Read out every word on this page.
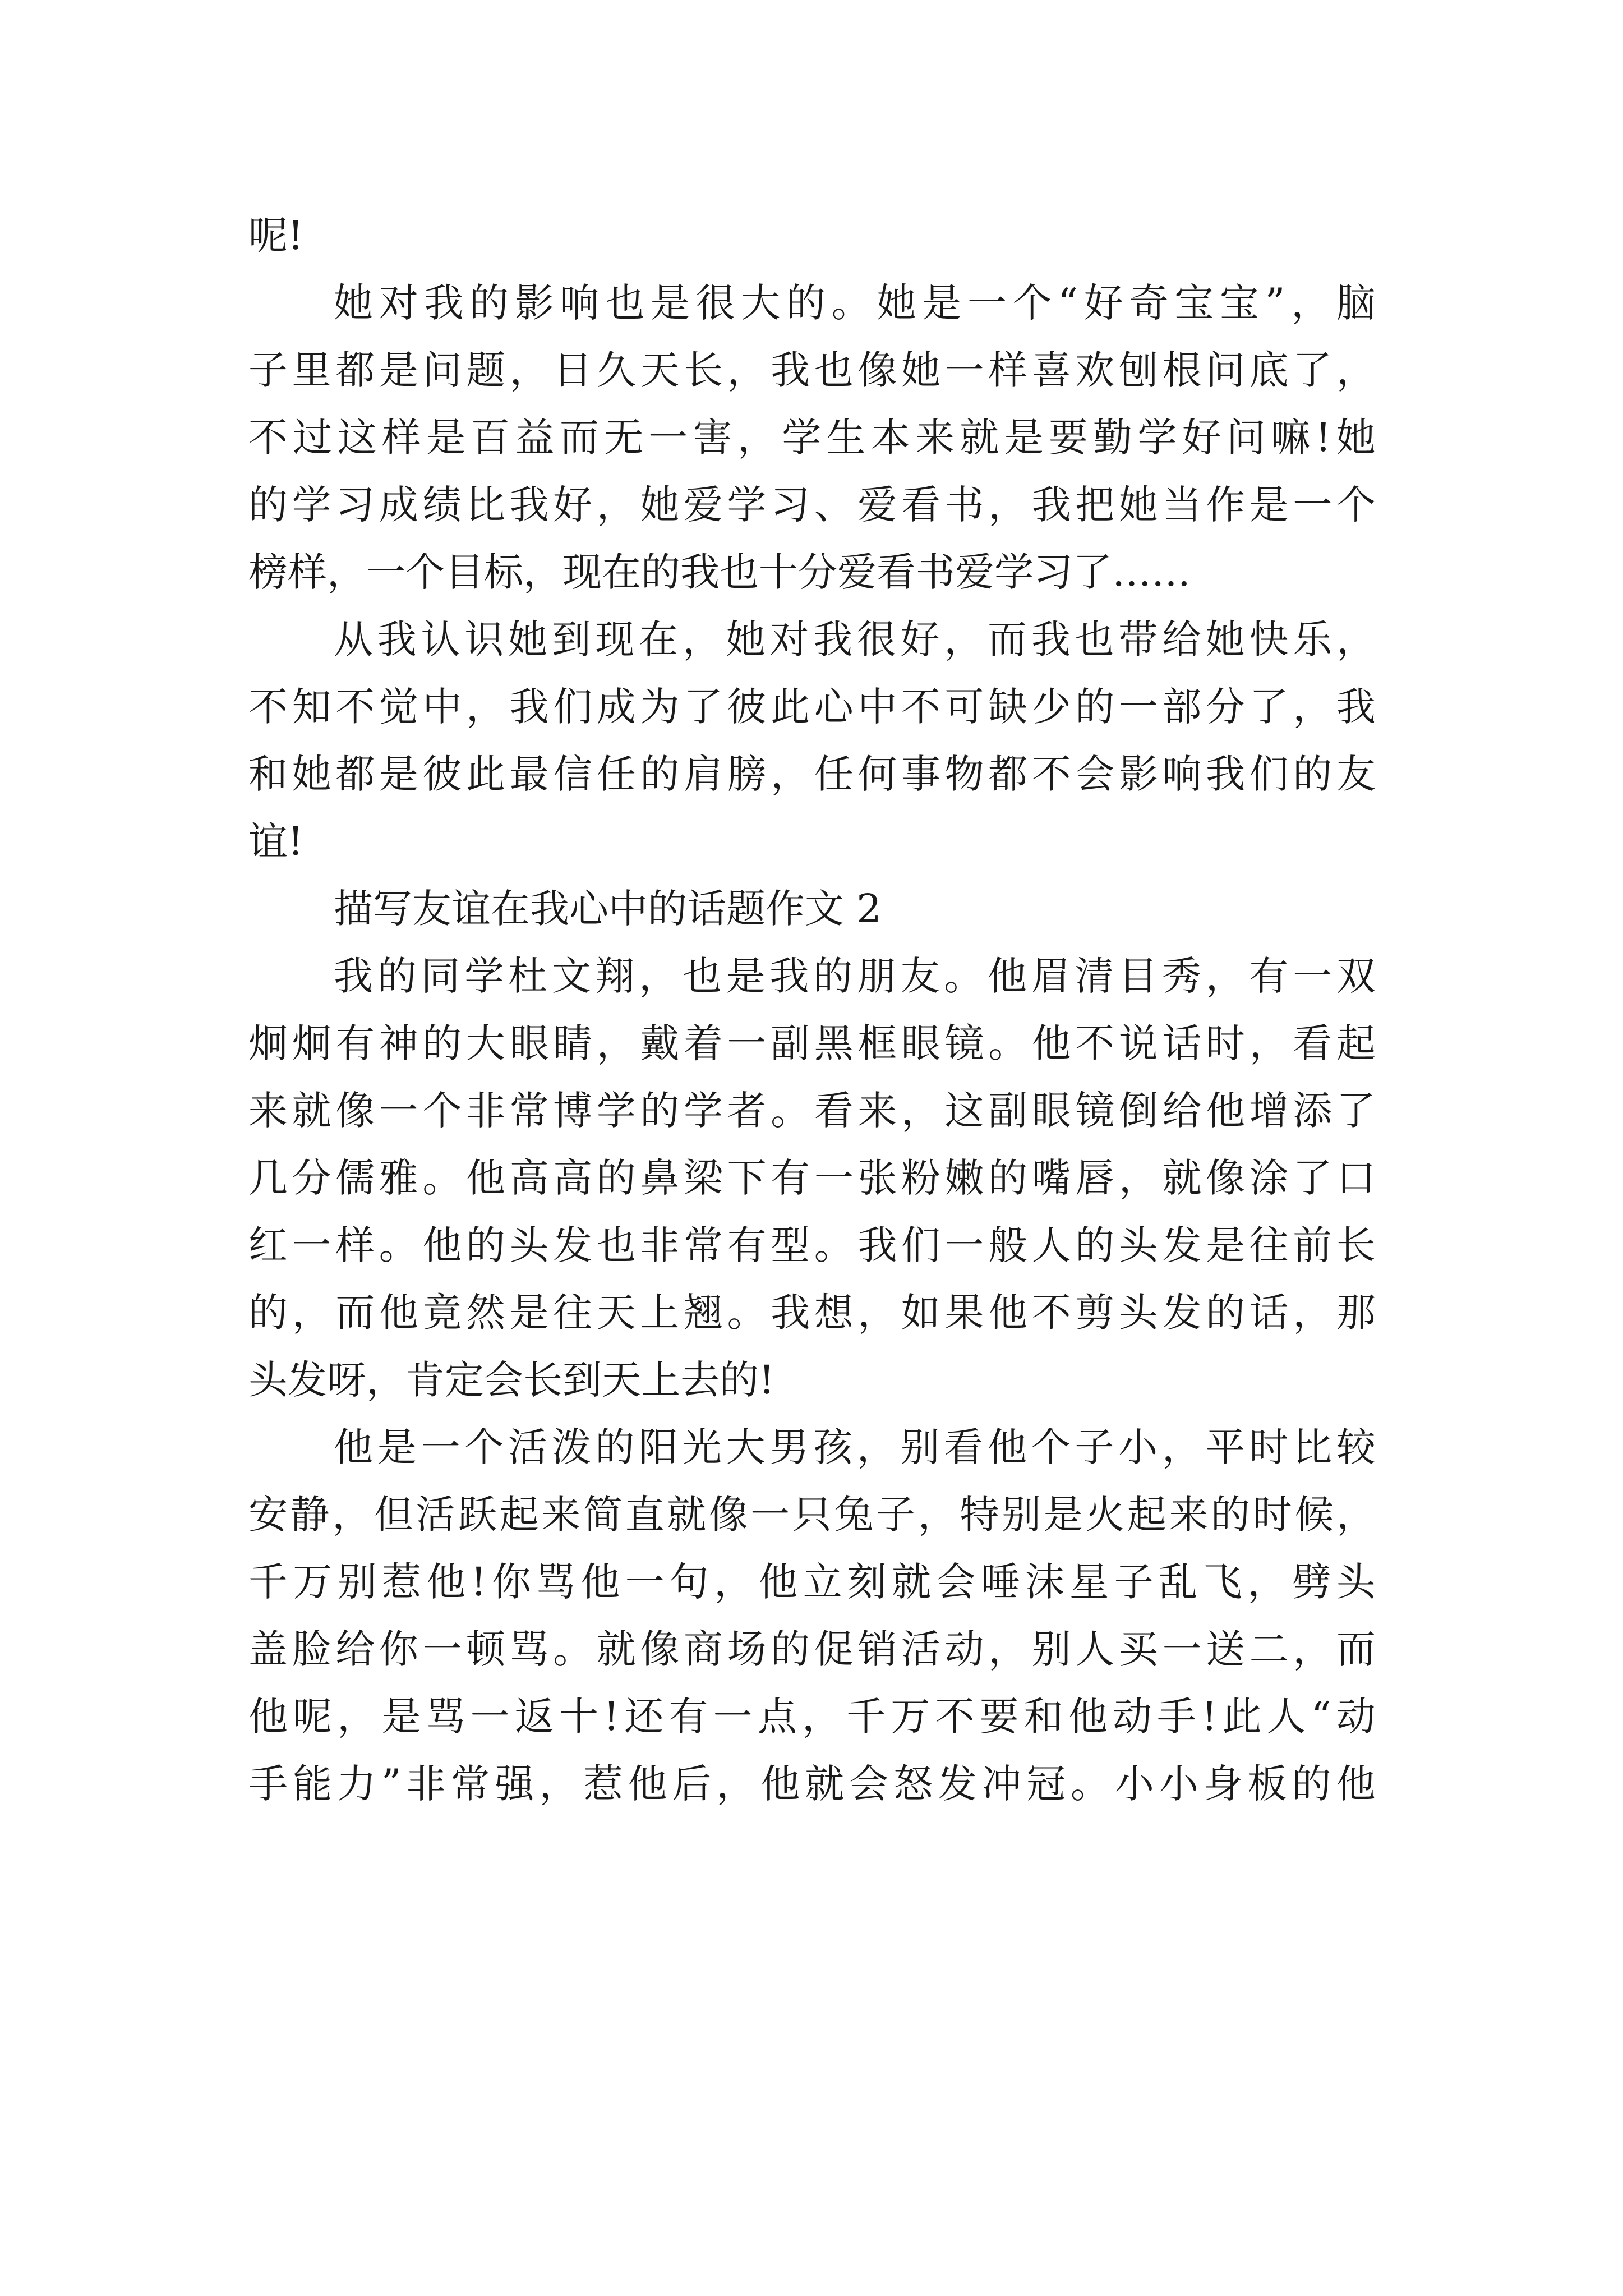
呢!
她 对 我 的 影 响 也 是 很 大 的 。 她 是 一 个 “ 好 奇 宝 宝 ” ， 脑
子 里 都 是 问 题 ， 日 久 天 长 ， 我 也 像 她 一 样 喜 欢 刨 根 问 底 了 ，
不 过 这 样 是 百 益 而 无 一 害 ， 学 生 本 来 就 是 要 勤 学 好 问 嘛 ! 她
的 学 习 成 绩 比 我 好 ， 她 爱 学 习 、 爱 看 书 ， 我 把 她 当 作 是 一 个
榜样，一个目标，现在的我也十分爱看书爱学习了……
从 我 认 识 她 到 现 在 ， 她 对 我 很 好 ， 而 我 也 带 给 她 快 乐 ，
不 知 不 觉 中 ， 我 们 成 为 了 彼 此 心 中 不 可 缺 少 的 一 部 分 了 ， 我
和 她 都 是 彼 此 最 信 任 的 肩 膀 ， 任 何 事 物 都 不 会 影 响 我 们 的 友
谊!
描写友谊在我心中的话题作文 2
我 的 同 学 杜 文 翔 ， 也 是 我 的 朋 友 。 他 眉 清 目 秀 ， 有 一 双
炯 炯 有 神 的 大 眼 睛 ， 戴 着 一 副 黑 框 眼 镜 。 他 不 说 话 时 ， 看 起
来 就 像 一 个 非 常 博 学 的 学 者 。 看 来 ， 这 副 眼 镜 倒 给 他 增 添 了
几 分 儒 雅 。 他 高 高 的 鼻 梁 下 有 一 张 粉 嫩 的 嘴 唇 ， 就 像 涂 了 口
红 一 样 。 他 的 头 发 也 非 常 有 型 。 我 们 一 般 人 的 头 发 是 往 前 长
的 ， 而 他 竟 然 是 往 天 上 翘 。 我 想 ， 如 果 他 不 剪 头 发 的 话 ， 那
头发呀，肯定会长到天上去的!
他 是 一 个 活 泼 的 阳 光 大 男 孩 ， 别 看 他 个 子 小 ， 平 时 比 较
安 静 ， 但 活 跃 起 来 简 直 就 像 一 只 兔 子 ， 特 别 是 火 起 来 的 时 候 ，
千 万 别 惹 他 ! 你 骂 他 一 句 ， 他 立 刻 就 会 唾 沫 星 子 乱 飞 ， 劈 头
盖 脸 给 你 一 顿 骂 。 就 像 商 场 的 促 销 活 动 ， 别 人 买 一 送 二 ， 而
他 呢 ， 是 骂 一 返 十 ! 还 有 一 点 ， 千 万 不 要 和 他 动 手 ! 此 人 “ 动
手 能 力 ” 非 常 强 ， 惹 他 后 ， 他 就 会 怒 发 冲 冠 。 小 小 身 板 的 他
